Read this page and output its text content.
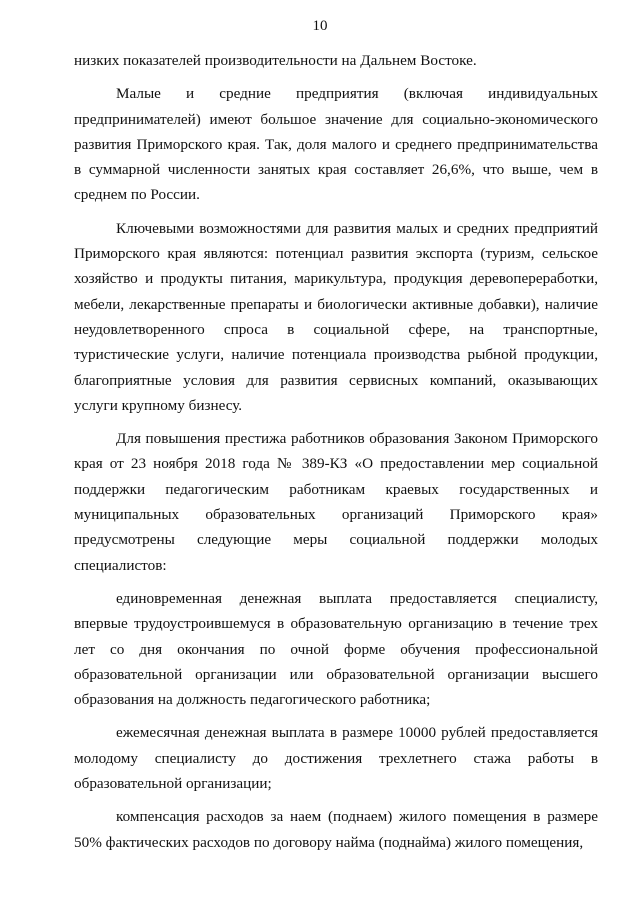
10

низких показателей производительности на Дальнем Востоке.

Малые и средние предприятия (включая индивидуальных предпринимателей) имеют большое значение для социально-экономического развития Приморского края. Так, доля малого и среднего предпринимательства в суммарной численности занятых края составляет 26,6%, что выше, чем в среднем по России.

Ключевыми возможностями для развития малых и средних предприятий Приморского края являются: потенциал развития экспорта (туризм, сельское хозяйство и продукты питания, марикультура, продукция деревопереработки, мебели, лекарственные препараты и биологически активные добавки), наличие неудовлетворенного спроса в социальной сфере, на транспортные, туристические услуги, наличие потенциала производства рыбной продукции, благоприятные условия для развития сервисных компаний, оказывающих услуги крупному бизнесу.

Для повышения престижа работников образования Законом Приморского края от 23 ноября 2018 года № 389-КЗ «О предоставлении мер социальной поддержки педагогическим работникам краевых государственных и муниципальных образовательных организаций Приморского края» предусмотрены следующие меры социальной поддержки молодых специалистов:

единовременная денежная выплата предоставляется специалисту, впервые трудоустроившемуся в образовательную организацию в течение трех лет со дня окончания по очной форме обучения профессиональной образовательной организации или образовательной организации высшего образования на должность педагогического работника;

ежемесячная денежная выплата в размере 10000 рублей предоставляется молодому специалисту до достижения трехлетнего стажа работы в образовательной организации;

компенсация расходов за наем (поднаем) жилого помещения в размере 50% фактических расходов по договору найма (поднайма) жилого помещения,
